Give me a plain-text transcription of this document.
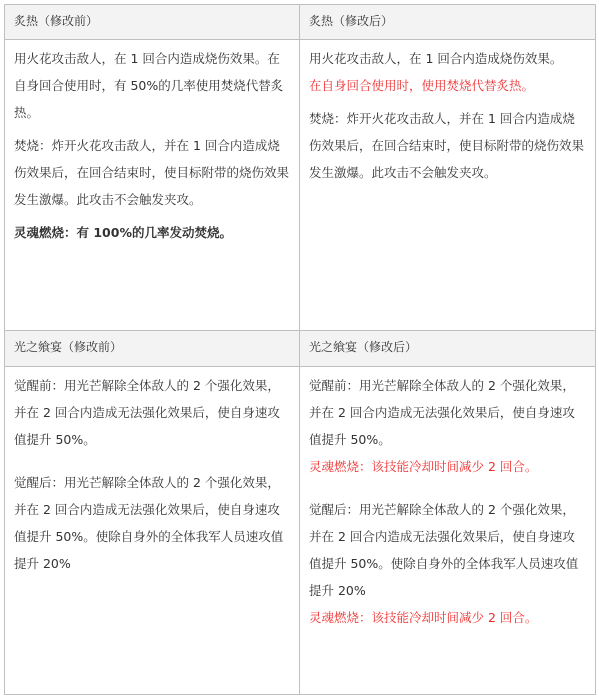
炙热（修改前）	炙热（修改后）

用火花攻击敌人，在 1 回合内造成烧伤效果。在自身回合使用时，有 50%的几率使用焚烧代替炙热。

焚烧：炸开火花攻击敌人，并在 1 回合内造成烧伤效果后，在回合结束时，使目标附带的烧伤效果发生激爆。此攻击不会触发夹攻。

灵魂燃烧：有 100%的几率发动焚烧。

用火花攻击敌人，在 1 回合内造成烧伤效果。

在自身回合使用时，使用焚烧代替炙热。

焚烧：炸开火花攻击敌人，并在 1 回合内造成烧伤效果后，在回合结束时，使目标附带的烧伤效果发生激爆。此攻击不会触发夹攻。

光之飨宴（修改前）	光之飨宴（修改后）

觉醒前：用光芒解除全体敌人的 2 个强化效果，并在 2 回合内造成无法强化效果后，使自身速攻值提升 50%。

觉醒后：用光芒解除全体敌人的 2 个强化效果，并在 2 回合内造成无法强化效果后，使自身速攻值提升 50%。使除自身外的全体我军人员速攻值提升 20%

觉醒前：用光芒解除全体敌人的 2 个强化效果，并在 2 回合内造成无法强化效果后，使自身速攻值提升 50%。

灵魂燃烧：该技能冷却时间减少 2 回合。

觉醒后：用光芒解除全体敌人的 2 个强化效果，并在 2 回合内造成无法强化效果后，使自身速攻值提升 50%。使除自身外的全体我军人员速攻值提升 20%

灵魂燃烧：该技能冷却时间减少 2 回合。
